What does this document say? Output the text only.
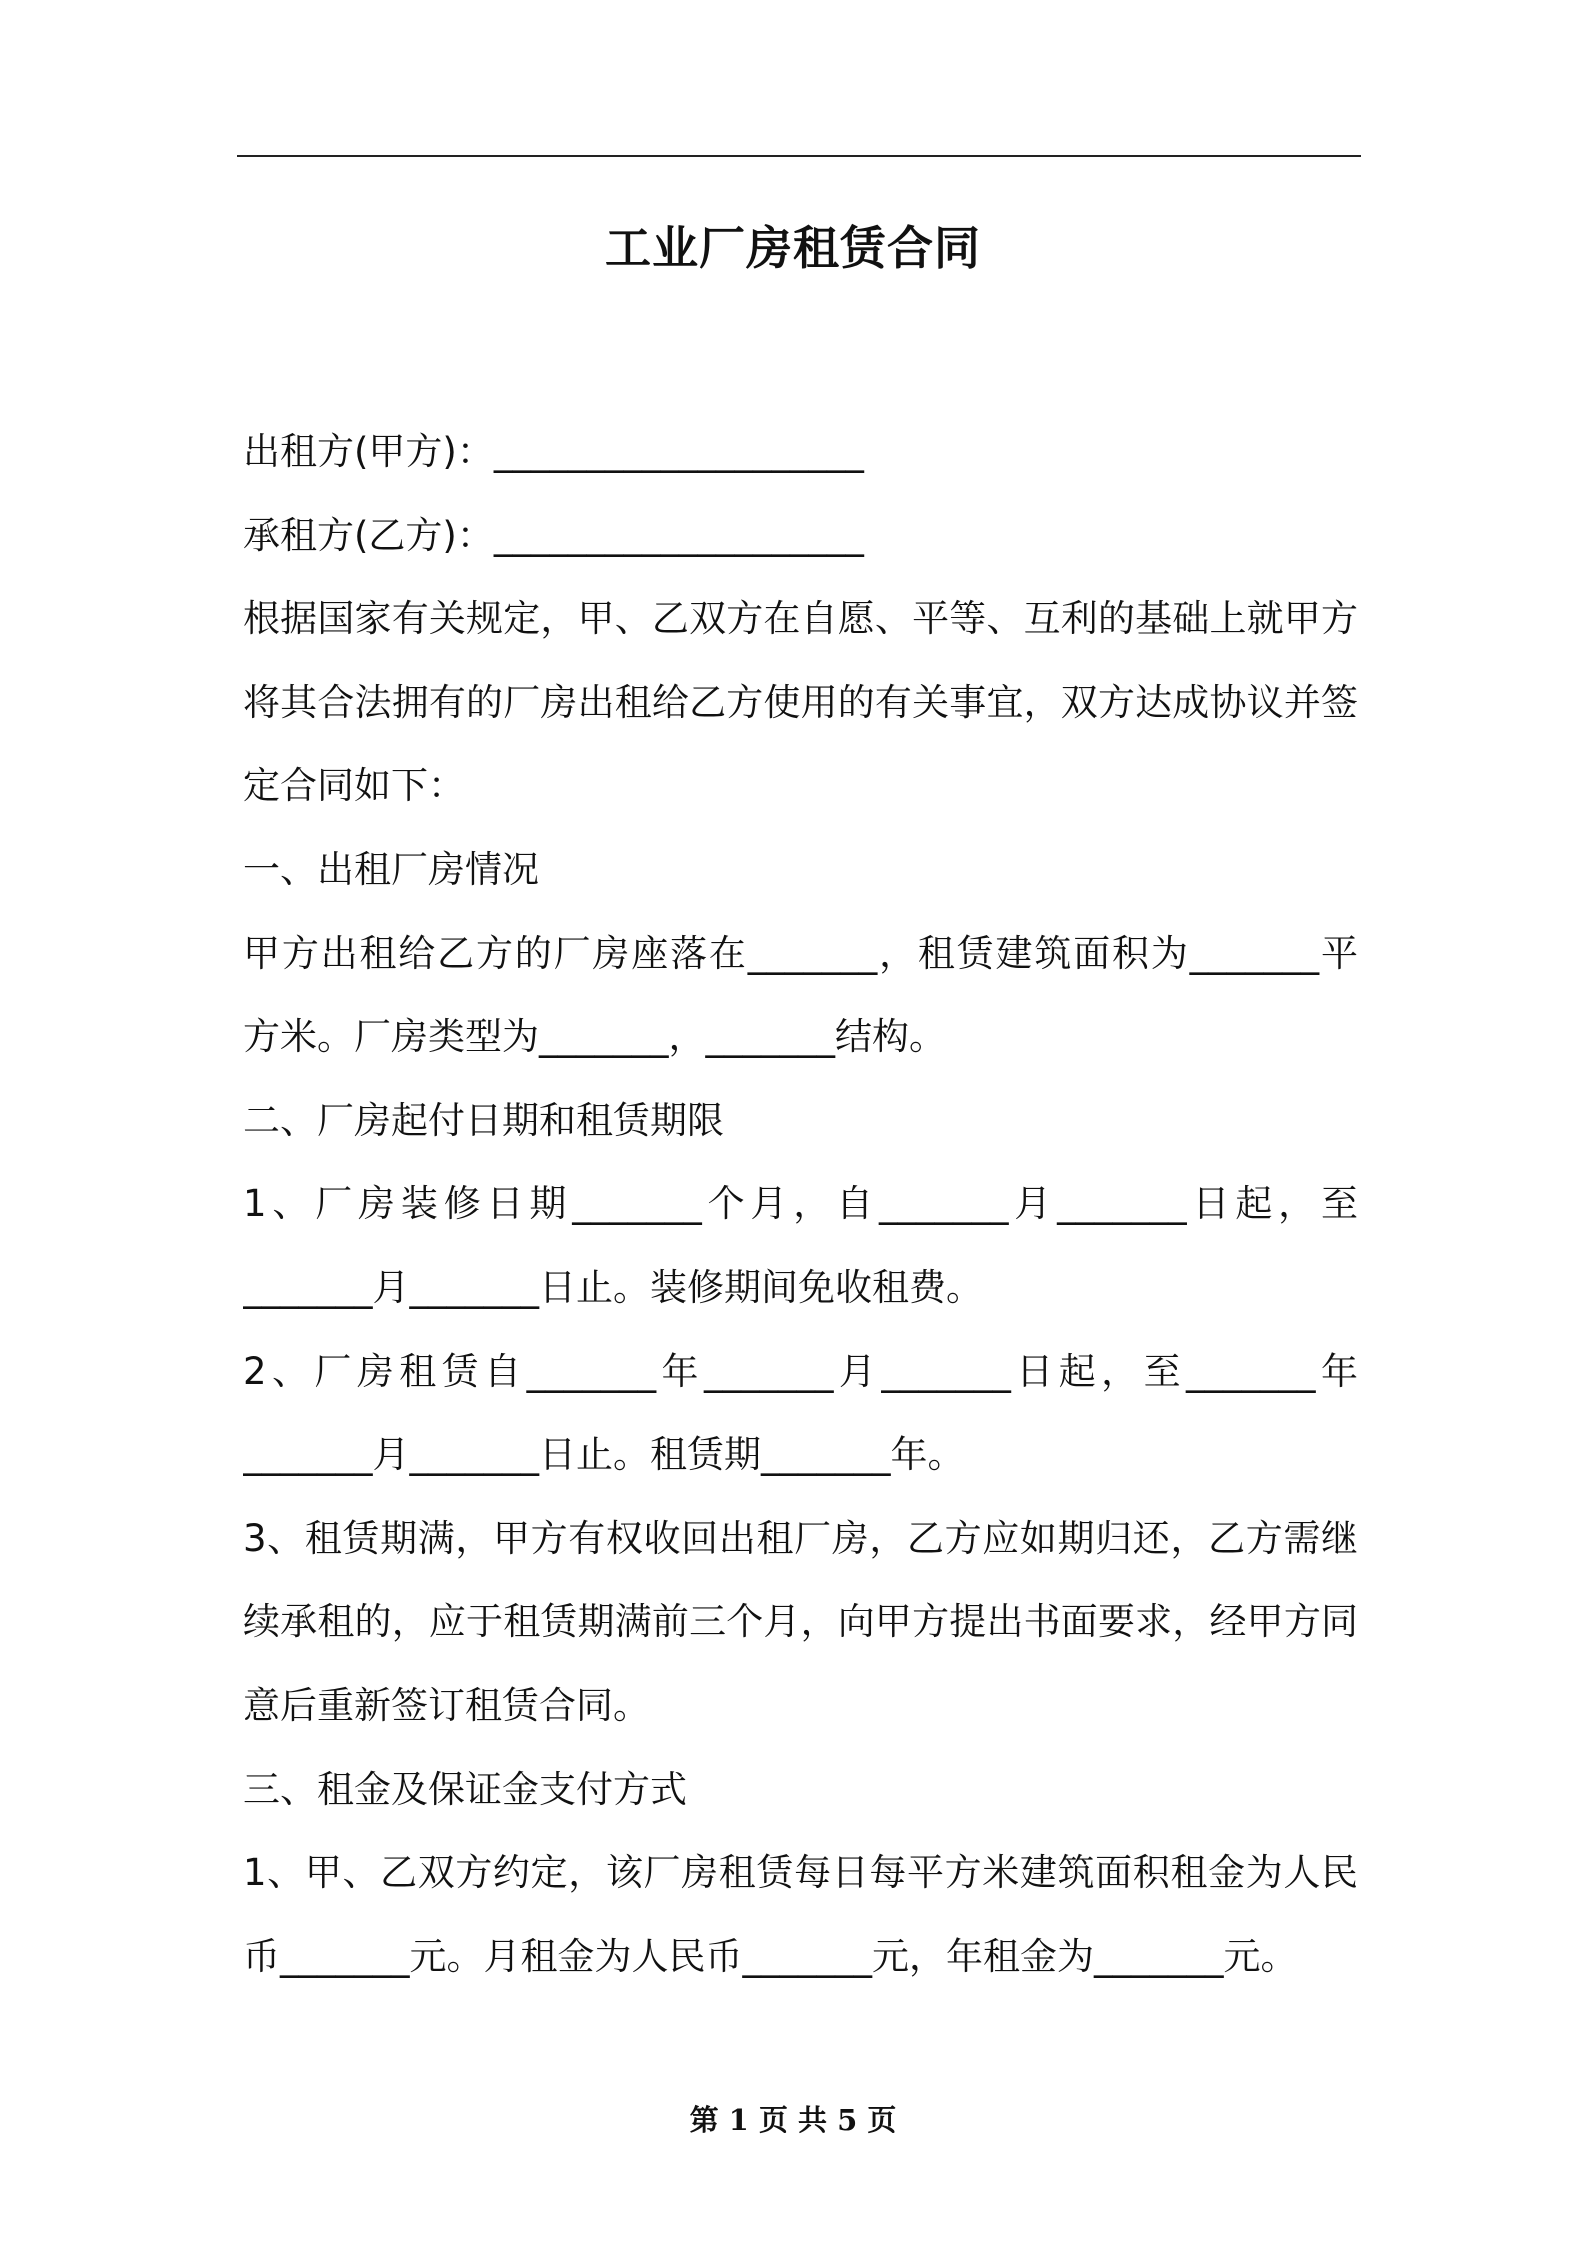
工业厂房租赁合同
出租方(甲方)：____________________
承租方(乙方)：____________________
根据国家有关规定，甲、乙双方在自愿、平等、互利的基础上就甲方
将其合法拥有的厂房出租给乙方使用的有关事宜，双方达成协议并签
定合同如下：
一、出租厂房情况
甲方出租给乙方的厂房座落在_______，租赁建筑面积为_______平
方米。厂房类型为_______，_______结构。
二、厂房起付日期和租赁期限
1、厂房装修日期_______个月，自_______月_______日起，至
_______月_______日止。装修期间免收租费。
2、厂房租赁自_______年_______月_______日起，至_______年
_______月_______日止。租赁期_______年。
3、租赁期满，甲方有权收回出租厂房，乙方应如期归还，乙方需继
续承租的，应于租赁期满前三个月，向甲方提出书面要求，经甲方同
意后重新签订租赁合同。
三、租金及保证金支付方式
1、甲、乙双方约定，该厂房租赁每日每平方米建筑面积租金为人民
币_______元。月租金为人民币_______元，年租金为_______元。
第 1 页 共 5 页
